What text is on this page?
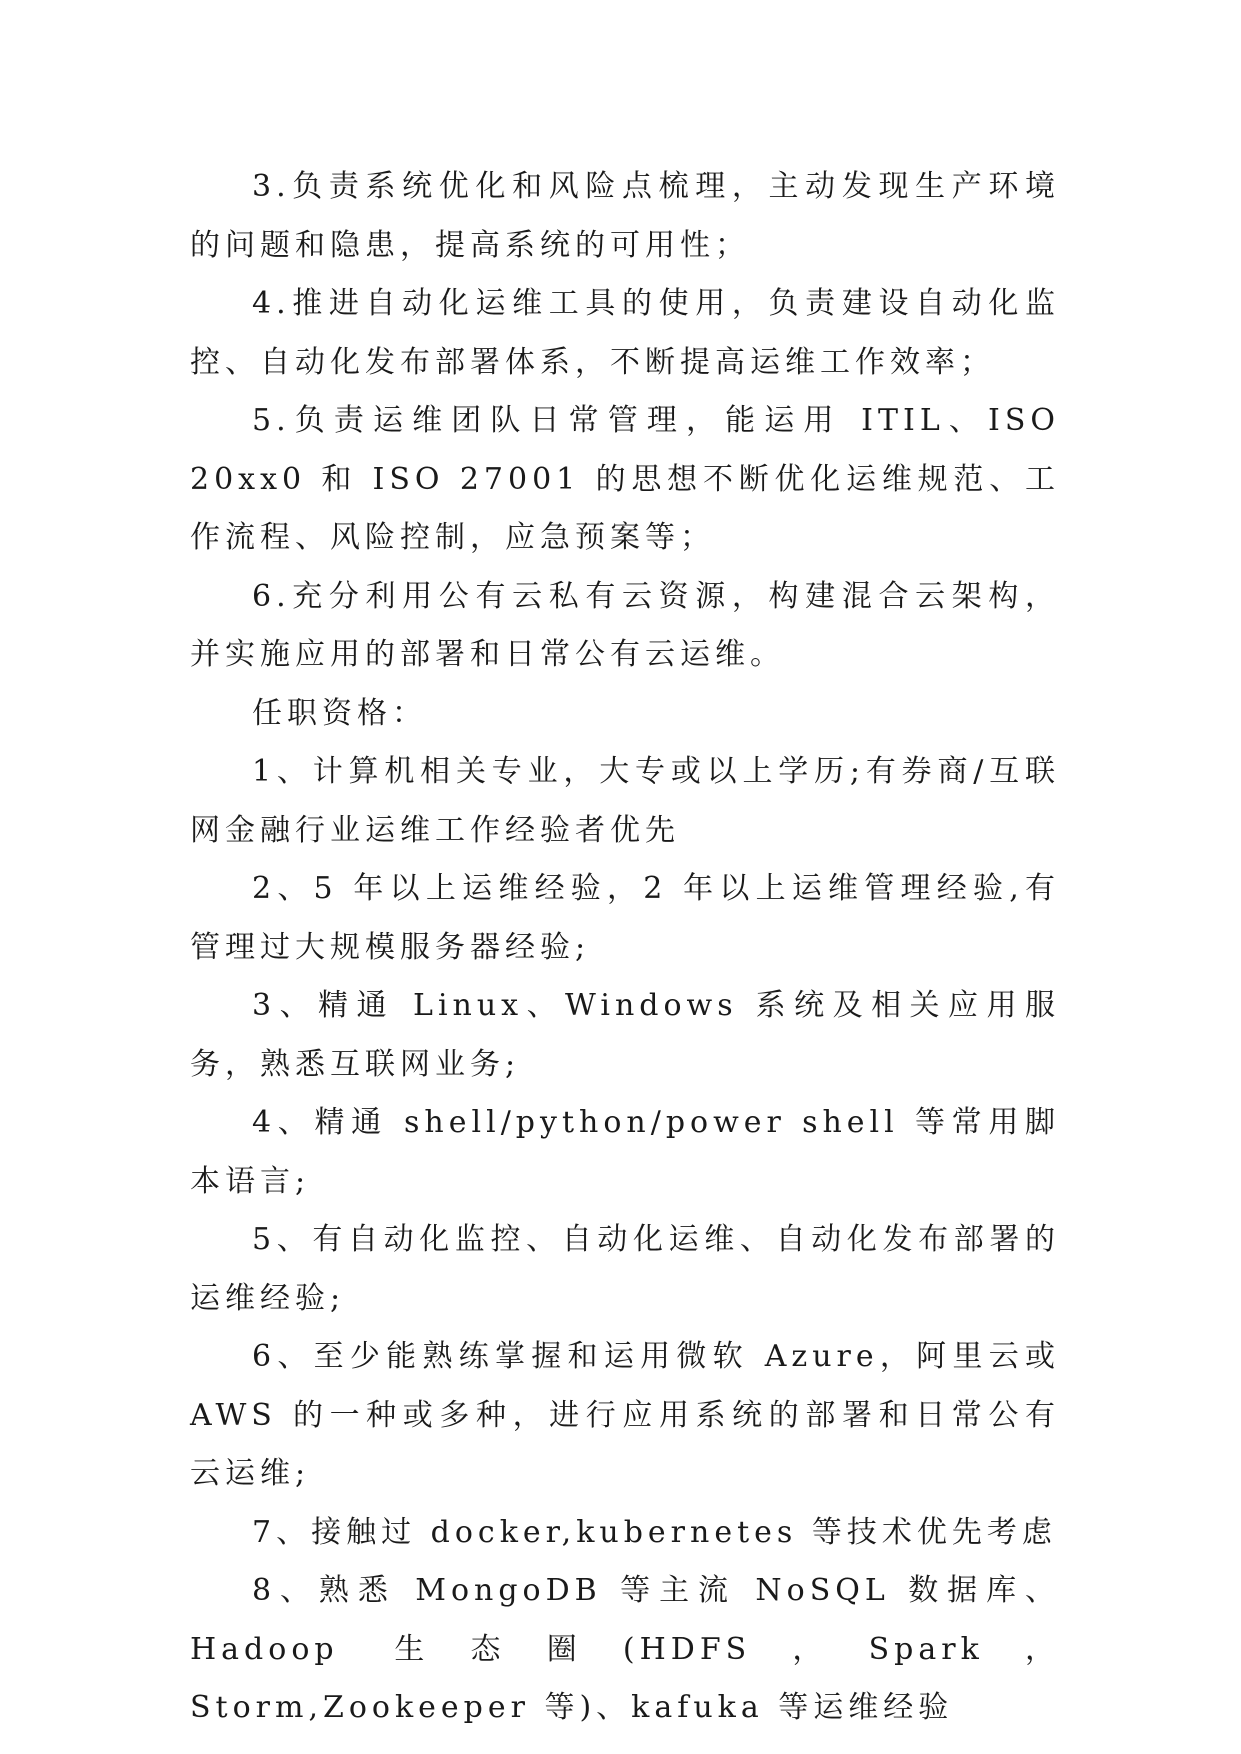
3.负责系统优化和风险点梳理，主动发现生产环境的问题和隐患，提高系统的可用性；

4.推进自动化运维工具的使用，负责建设自动化监控、自动化发布部署体系，不断提高运维工作效率；

5.负责运维团队日常管理，能运用 ITIL、ISO 20xx0 和 ISO 27001 的思想不断优化运维规范、工作流程、风险控制，应急预案等；

6.充分利用公有云私有云资源，构建混合云架构，并实施应用的部署和日常公有云运维。

任职资格：

1、计算机相关专业，大专或以上学历;有券商/互联网金融行业运维工作经验者优先

2、5 年以上运维经验，2 年以上运维管理经验,有管理过大规模服务器经验;

3、精通 Linux、Windows 系统及相关应用服务，熟悉互联网业务;

4、精通 shell/python/power shell 等常用脚本语言;

5、有自动化监控、自动化运维、自动化发布部署的运维经验;

6、至少能熟练掌握和运用微软 Azure，阿里云或 AWS 的一种或多种，进行应用系统的部署和日常公有云运维;

7、接触过 docker,kubernetes 等技术优先考虑

8、熟悉 MongoDB 等主流 NoSQL 数据库、Hadoop 生态圈(HDFS，Spark，Storm,Zookeeper 等)、kafuka 等运维经验
